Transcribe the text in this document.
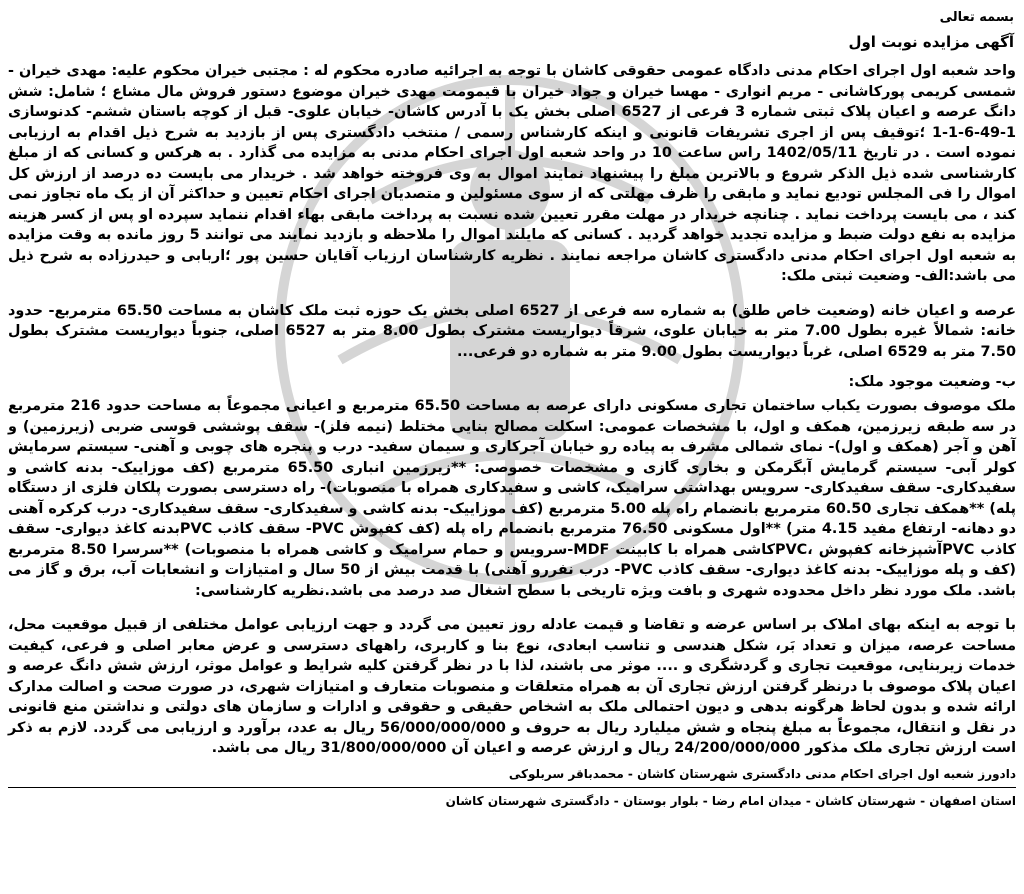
بسمه تعالی
آگهی مزایده نوبت اول

واحد شعبه اول اجرای احکام مدنی دادگاه عمومی حقوقی کاشان با توجه به اجرائیه صادره محکوم له : مجتبی خیران محکوم علیه: مهدی خیران - شمسی کریمی پورکاشانی - مریم انواری - مهسا خیران و جواد خیران با قیمومت مهدی خیران موضوع دستور فروش مال مشاع ؛ شامل: شش دانگ عرصه و اعیان پلاک ثبتی شماره 3 فرعی از 6527 اصلی بخش یک با آدرس کاشان- خیابان علوی- قبل از کوچه باستان ششم- کدنوسازی 1-49-6-1-1 ؛توقیف پس از اجری تشریفات قانونی و اینکه کارشناس رسمی / منتخب دادگستری پس از بازدید به شرح ذیل اقدام به ارزیابی نموده است . در تاریخ 1402/05/11 راس ساعت 10 در واحد شعبه اول اجرای احکام مدنی به مزایده می گذارد . به هرکس و کسانی که از مبلغ کارشناسی شده ذیل الذکر شروع و بالاترین مبلغ را پیشنهاد نمایند اموال به وی فروخته خواهد شد . خریدار می بایست ده درصد از ارزش کل اموال را فی المجلس تودیع نماید و مابقی را ظرف مهلتی که از سوی مسئولین و متصدیان اجرای احکام تعیین و حداکثر آن از یک ماه تجاوز نمی کند ، می بایست پرداخت نماید . چنانچه خریدار در مهلت مقرر تعیین شده نسبت به پرداخت مابقی بهاء اقدام ننماید سپرده او پس از کسر هزینه مزایده به نفع دولت ضبط و مزایده تجدید خواهد گردید . کسانی که مایلند اموال را ملاحظه و بازدید نمایند می توانند 5 روز مانده به وقت مزایده به شعبه اول اجرای احکام مدنی دادگستری کاشان مراجعه نمایند . نظریه کارشناسان ارزیاب آقایان حسین پور ؛اربابی و حیدرزاده به شرح ذیل می باشد:الف- وضعیت ثبتی ملک:

عرصه و اعیان خانه (وضعیت خاص طلق) به شماره سه فرعی از 6527 اصلی بخش یک حوزه ثبت ملک کاشان به مساحت 65.50 مترمربع- حدود خانه: شمالاً غیره بطول 7.00 متر به خیابان علوی، شرقاً دیواریست مشترک بطول 8.00 متر به 6527 اصلی، جنوباً دیواریست مشترک بطول 7.50 متر به 6529 اصلی، غرباً دیواریست بطول 9.00 متر به شماره دو فرعی...

ب- وضعیت موجود ملک:

ملک موصوف بصورت یکباب ساختمان تجاری مسکونی دارای عرصه به مساحت 65.50 مترمربع و اعیانی مجموعاً به مساحت حدود 216 مترمربع در سه طبقه زیرزمین، همکف و اول، با مشخصات عمومی: اسکلت مصالح بنایی مختلط (نیمه فلز)- سقف پوششی قوسی ضربی (زیرزمین) و آهن و آجر (همکف و اول)- نمای شمالی مشرف به پیاده رو خیابان آجرکاری و سیمان سفید- درب و پنجره های چوبی و آهنی- سیستم سرمایش کولر آبی- سیستم گرمایش آبگرمکن و بخاری گازی و مشخصات خصوصی: **زیرزمین انباری 65.50 مترمربع (کف موزاییک- بدنه کاشی و سفیدکاری- سقف سفیدکاری- سرویس بهداشتی سرامیک، کاشی و سفیدکاری همراه با منصوبات)- راه دسترسی بصورت پلکان فلزی از دستگاه پله) **همکف تجاری 60.50 مترمربع بانضمام راه پله 5.00 مترمربع (کف موزاییک- بدنه کاشی و سفیدکاری- سقف سفیدکاری- درب کرکره آهنی دو دهانه- ارتفاع مفید 4.15 متر) **اول مسکونی 76.50 مترمربع بانضمام راه پله (کف کفپوش PVC- سقف کاذب PVCبدنه کاغذ دیواری- سقف کاذب PVCآشپزخانه کفپوش ،PVCکاشی همراه با کابینت MDF-سرویس و حمام سرامیک و کاشی همراه با منصوبات) **سرسرا 8.50 مترمربع (کف و پله موزاییک- بدنه کاغذ دیواری- سقف کاذب PVC- درب نفررو آهنی) با قدمت بیش از 50 سال و امتیازات و انشعابات آب، برق و گاز می باشد. ملک مورد نظر داخل محدوده شهری و بافت ویژه تاریخی با سطح اشغال صد درصد می باشد.نظریه کارشناسی:

با توجه به اینکه بهای املاک بر اساس عرضه و تقاضا و قیمت عادله روز تعیین می گردد و جهت ارزیابی عوامل مختلفی از قبیل موقعیت محل، مساحت عرصه، میزان و تعداد بَر، شکل هندسی و تناسب ابعادی، نوع بنا و کاربری، راههای دسترسی و عرض معابر اصلی و فرعی، کیفیت خدمات زیربنایی، موقعیت تجاری و گردشگری و .... موثر می باشند، لذا با در نظر گرفتن کلیه شرایط و عوامل موثر، ارزش شش دانگ عرصه و اعیان پلاک موصوف با درنظر گرفتن ارزش تجاری آن به همراه متعلقات و منصوبات متعارف و امتیازات شهری، در صورت صحت و اصالت مدارک ارائه شده و بدون لحاظ هرگونه بدهی و دیون احتمالی ملک به اشخاص حقیقی و حقوقی و ادارات و سازمان های دولتی و نداشتن منع قانونی در نقل و انتقال، مجموعاً به مبلغ پنجاه و شش میلیارد ریال به حروف و 56/000/000/000 ریال به عدد، برآورد و ارزیابی می گردد. لازم به ذکر است ارزش تجاری ملک مذکور 24/200/000/000 ریال و ارزش عرصه و اعیان آن 31/800/000/000 ریال می باشد.

دادورز شعبه اول اجرای احکام مدنی دادگستری شهرستان کاشان - محمدباقر سربلوکی
استان اصفهان - شهرستان کاشان - میدان امام رضا - بلوار بوستان - دادگستری شهرستان کاشان
